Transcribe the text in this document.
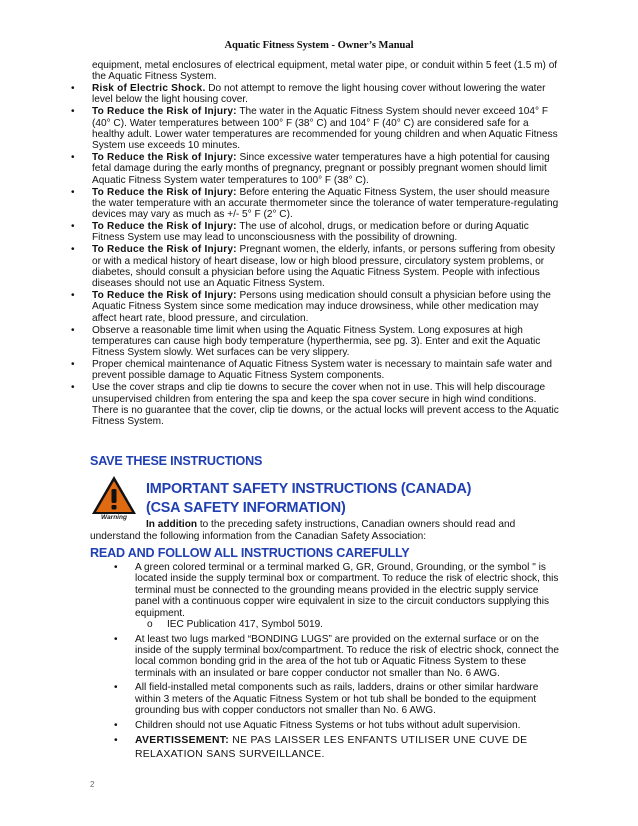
Aquatic Fitness System - Owner’s Manual
equipment, metal enclosures of electrical equipment, metal water pipe, or conduit within 5 feet (1.5 m) of the Aquatic Fitness System.
• Risk of Electric Shock. Do not attempt to remove the light housing cover without lowering the water level below the light housing cover.
• To Reduce the Risk of Injury: The water in the Aquatic Fitness System should never exceed 104° F (40° C). Water temperatures between 100° F (38° C) and 104° F (40° C) are considered safe for a healthy adult. Lower water temperatures are recommended for young children and when Aquatic Fitness System use exceeds 10 minutes.
• To Reduce the Risk of Injury: Since excessive water temperatures have a high potential for causing fetal damage during the early months of pregnancy, pregnant or possibly pregnant women should limit Aquatic Fitness System water temperatures to 100° F (38° C).
• To Reduce the Risk of Injury: Before entering the Aquatic Fitness System, the user should measure the water temperature with an accurate thermometer since the tolerance of water temperature-regulating devices may vary as much as +/- 5° F (2° C).
• To Reduce the Risk of Injury: The use of alcohol, drugs, or medication before or during Aquatic Fitness System use may lead to unconsciousness with the possibility of drowning.
• To Reduce the Risk of Injury: Pregnant women, the elderly, infants, or persons suffering from obesity or with a medical history of heart disease, low or high blood pressure, circulatory system problems, or diabetes, should consult a physician before using the Aquatic Fitness System. People with infectious diseases should not use an Aquatic Fitness System.
• To Reduce the Risk of Injury: Persons using medication should consult a physician before using the Aquatic Fitness System since some medication may induce drowsiness, while other medication may affect heart rate, blood pressure, and circulation.
• Observe a reasonable time limit when using the Aquatic Fitness System. Long exposures at high temperatures can cause high body temperature (hyperthermia, see pg. 3). Enter and exit the Aquatic Fitness System slowly. Wet surfaces can be very slippery.
• Proper chemical maintenance of Aquatic Fitness System water is necessary to maintain safe water and prevent possible damage to Aquatic Fitness System components.
• Use the cover straps and clip tie downs to secure the cover when not in use. This will help discourage unsupervised children from entering the spa and keep the spa cover secure in high wind conditions. There is no guarantee that the cover, clip tie downs, or the actual locks will prevent access to the Aquatic Fitness System.
SAVE THESE INSTRUCTIONS
Warning
IMPORTANT SAFETY INSTRUCTIONS (CANADA)
(CSA SAFETY INFORMATION)
In addition to the preceding safety instructions, Canadian owners should read and understand the following information from the Canadian Safety Association:
READ AND FOLLOW ALL INSTRUCTIONS CAREFULLY
• A green colored terminal or a terminal marked G, GR, Ground, Grounding, or the symbol " is located inside the supply terminal box or compartment. To reduce the risk of electric shock, this terminal must be connected to the grounding means provided in the electric supply service panel with a continuous copper wire equivalent in size to the circuit conductors supplying this equipment.
o IEC Publication 417, Symbol 5019.
• At least two lugs marked “BONDING LUGS” are provided on the external surface or on the inside of the supply terminal box/compartment. To reduce the risk of electric shock, connect the local common bonding grid in the area of the hot tub or Aquatic Fitness System to these terminals with an insulated or bare copper conductor not smaller than No. 6 AWG.
• All field-installed metal components such as rails, ladders, drains or other similar hardware within 3 meters of the Aquatic Fitness System or hot tub shall be bonded to the equipment grounding bus with copper conductors not smaller than No. 6 AWG.
• Children should not use Aquatic Fitness Systems or hot tubs without adult supervision.
• AVERTISSEMENT: NE PAS LAISSER LES ENFANTS UTILISER UNE CUVE DE RELAXATION SANS SURVEILLANCE.
2
